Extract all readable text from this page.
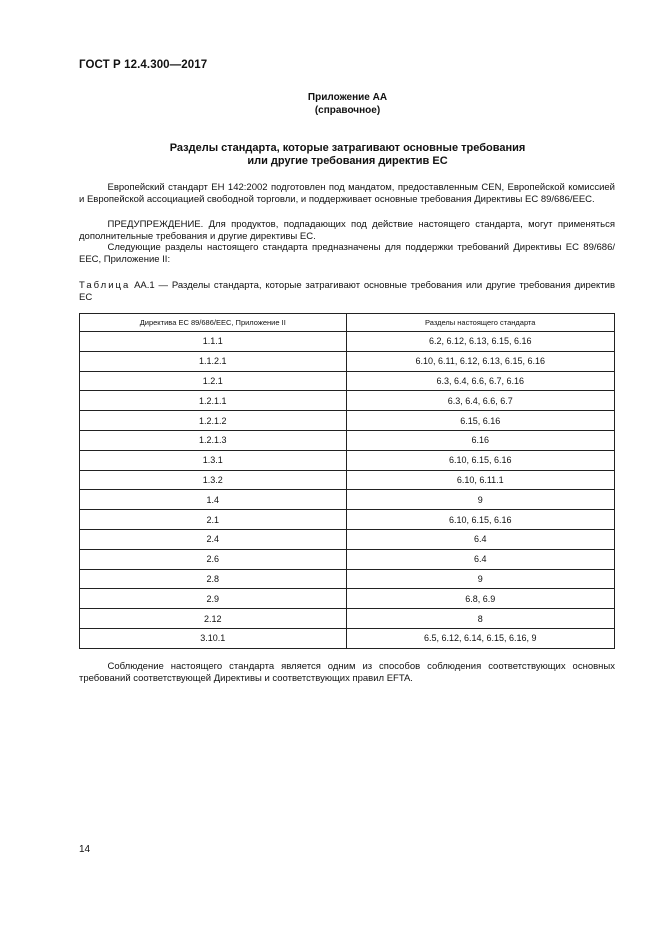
ГОСТ Р 12.4.300—2017
Приложение АА
(справочное)
Разделы стандарта, которые затрагивают основные требования
или другие требования директив ЕС
   Европейский стандарт ЕН 142:2002 подготовлен под мандатом, предоставленным CEN, Европейской комиссией и Европейской ассоциацией свободной торговли, и поддерживает основные требования Директивы ЕС 89/686/ЕЕС.
   ПРЕДУПРЕЖДЕНИЕ. Для продуктов, подпадающих под действие настоящего стандарта, могут применяться дополнительные требования и другие директивы ЕС.
   Следующие разделы настоящего стандарта предназначены для поддержки требований Директивы ЕС 89/686/ЕЕС, Приложение II:
Таблица АА.1 — Разделы стандарта, которые затрагивают основные требования или другие требования директив ЕС
Директива ЕС 89/686/ЕЕС, Приложение II	Разделы настоящего стандарта
1.1.1	6.2, 6.12, 6.13, 6.15, 6.16
1.1.2.1	6.10, 6.11, 6.12, 6.13, 6.15, 6.16
1.2.1	6.3, 6.4, 6.6, 6.7, 6.16
1.2.1.1	6.3, 6.4, 6.6, 6.7
1.2.1.2	6.15, 6.16
1.2.1.3	6.16
1.3.1	6.10, 6.15, 6.16
1.3.2	6.10, 6.11.1
1.4	9
2.1	6.10, 6.15, 6.16
2.4	6.4
2.6	6.4
2.8	9
2.9	6.8, 6.9
2.12	8
3.10.1	6.5, 6.12, 6.14, 6.15, 6.16, 9
   Соблюдение настоящего стандарта является одним из способов соблюдения соответствующих основных требований соответствующей Директивы и соответствующих правил EFTA.
14
